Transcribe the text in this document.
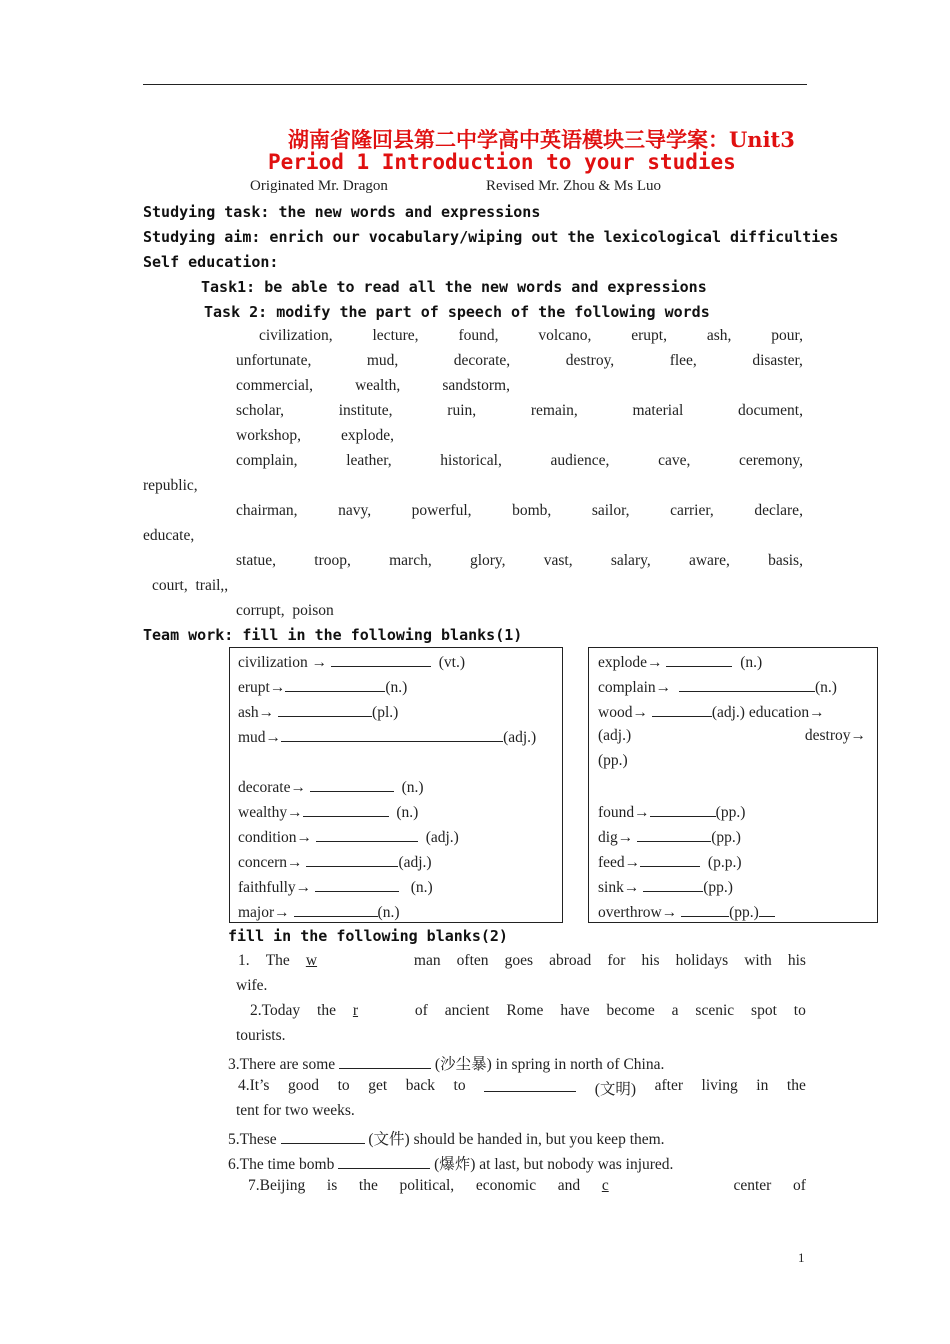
湖南省隆回县第二中学高中英语模块三导学案：Unit3
Period 1 Introduction to your studies
Originated Mr. Dragon	Revised Mr. Zhou & Ms Luo
Studying task: the new words and expressions
Studying aim: enrich our vocabulary/wiping out the lexicological difficulties
Self education:
Task1: be able to read all the new words and expressions
Task 2: modify the part of speech of the following words
civilization,	lecture,	found,	volcano,	erupt,	ash,	pour,
unfortunate,	mud,	decorate,	destroy,	flee,	disaster,
commercial,	wealth,	sandstorm,
scholar,	institute,	ruin,	remain,	material	document,
workshop,	explode,
complain,	leather,	historical,	audience,	cave,	ceremony,
republic,
chairman,	navy,	powerful,	bomb,	sailor,	carrier,	declare,
educate,
statue, troop, march, glory, vast, salary, aware, basis,
court,  trail,,
corrupt,  poison
Team work: fill in the following blanks(1)
civilization →	(vt.)
erupt→	(n.)
ash→	(pl.)
mud→	(adj.)
decorate→	(n.)
wealthy→	(n.)
condition→	(adj.)
concern→	(adj.)
faithfully→	(n.)
major→	(n.)
explode→	(n.)
complain→	(n.)
wood→	(adj.) education→
(adj.)	destroy→
(pp.)
found→	(pp.)
dig→	(pp.)
feed→	(p.p.)
sink→	(pp.)
overthrow→	(pp.)
fill in the following blanks(2)
1. The w	man often goes abroad for his holidays with his
wife.
2.Today the r	of ancient Rome have become a scenic spot to
tourists.
3.There are some	(沙尘暴) in spring in north of China.
4.It’s good to get back to	(文明) after living in the
tent for two weeks.
5.These	(文件) should be handed in, but you keep them.
6.The time bomb	(爆炸) at last, but nobody was injured.
7.Beijing is the political, economic and c	center of
1
